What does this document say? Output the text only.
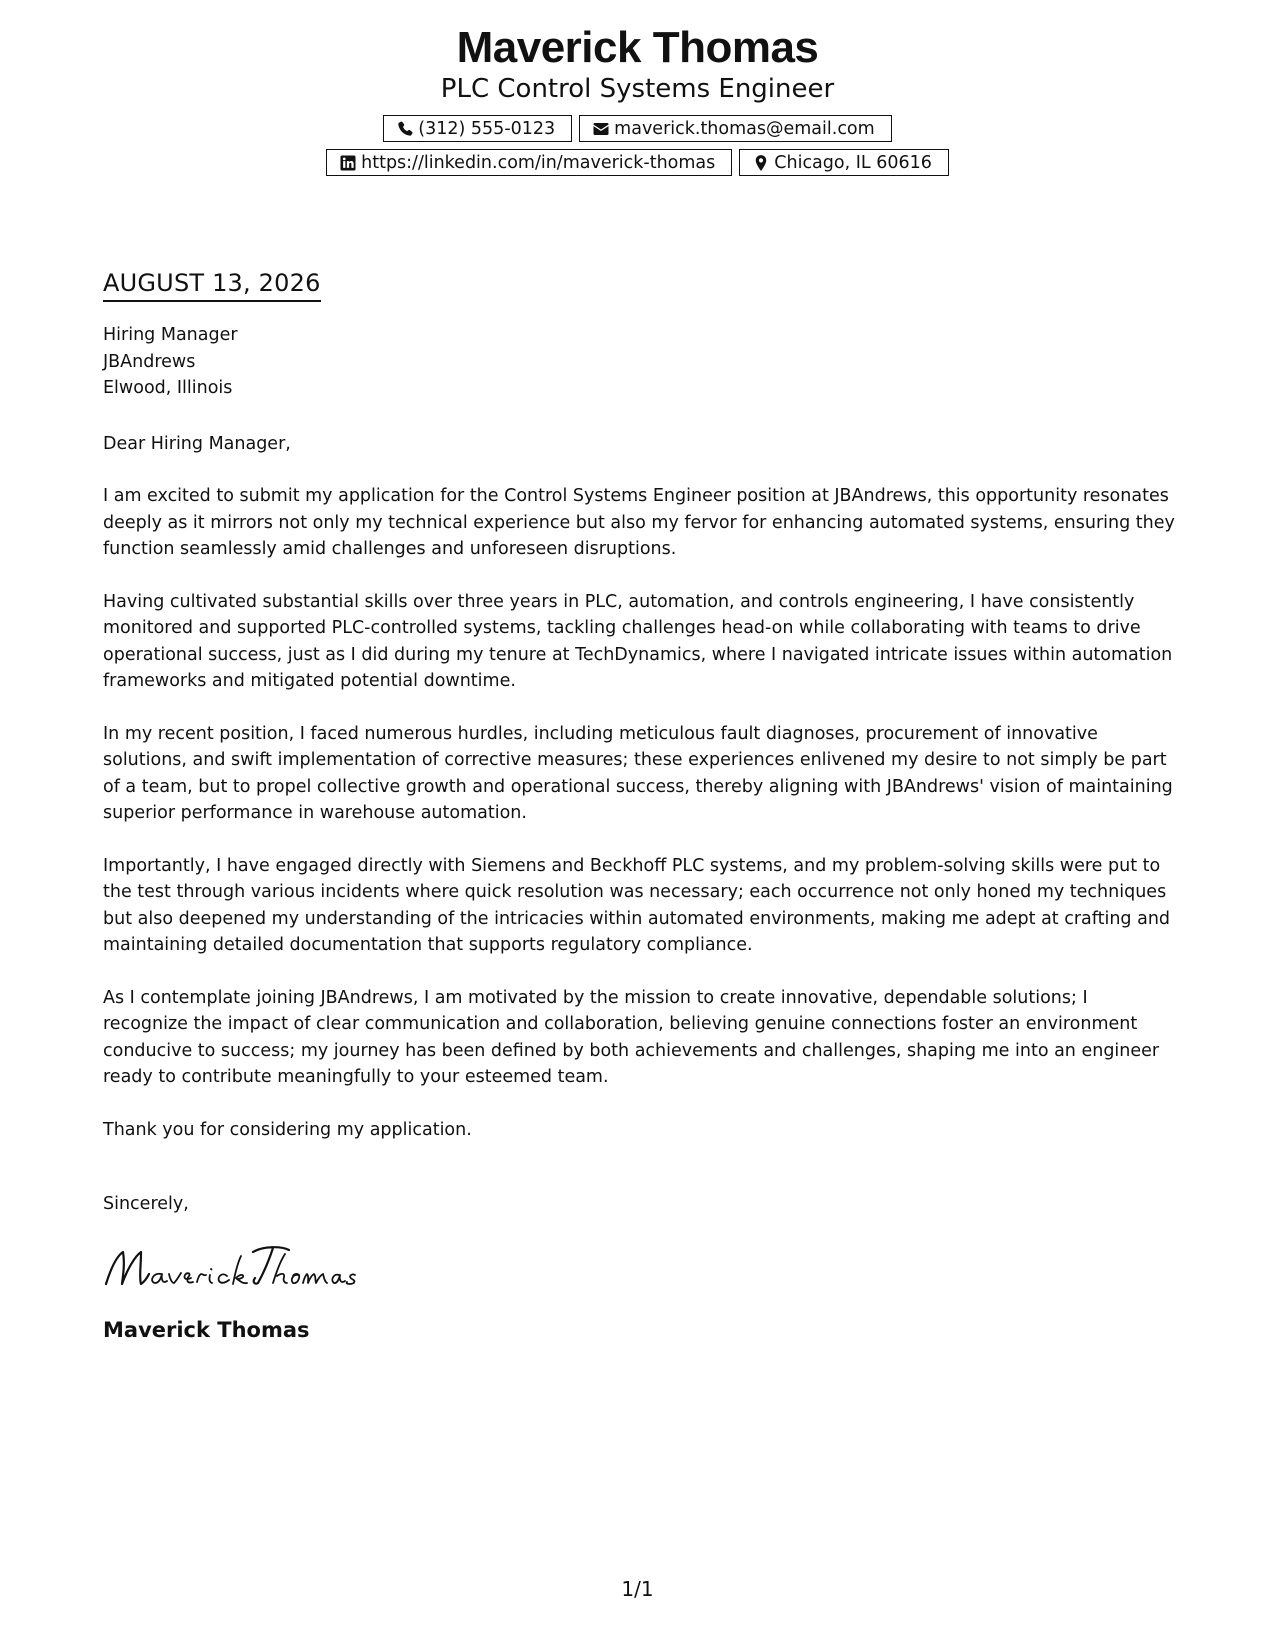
Maverick Thomas
PLC Control Systems Engineer
(312) 555-0123	maverick.thomas@email.com
https://linkedin.com/in/maverick-thomas	Chicago, IL 60616
AUGUST 13, 2026
Hiring Manager
JBAndrews
Elwood, Illinois
Dear Hiring Manager,

I am excited to submit my application for the Control Systems Engineer position at JBAndrews, this opportunity resonates deeply as it mirrors not only my technical experience but also my fervor for enhancing automated systems, ensuring they function seamlessly amid challenges and unforeseen disruptions.

Having cultivated substantial skills over three years in PLC, automation, and controls engineering, I have consistently monitored and supported PLC-controlled systems, tackling challenges head-on while collaborating with teams to drive operational success, just as I did during my tenure at TechDynamics, where I navigated intricate issues within automation frameworks and mitigated potential downtime.

In my recent position, I faced numerous hurdles, including meticulous fault diagnoses, procurement of innovative solutions, and swift implementation of corrective measures; these experiences enlivened my desire to not simply be part of a team, but to propel collective growth and operational success, thereby aligning with JBAndrews' vision of maintaining superior performance in warehouse automation.

Importantly, I have engaged directly with Siemens and Beckhoff PLC systems, and my problem-solving skills were put to the test through various incidents where quick resolution was necessary; each occurrence not only honed my techniques but also deepened my understanding of the intricacies within automated environments, making me adept at crafting and maintaining detailed documentation that supports regulatory compliance.

As I contemplate joining JBAndrews, I am motivated by the mission to create innovative, dependable solutions; I recognize the impact of clear communication and collaboration, believing genuine connections foster an environment conducive to success; my journey has been defined by both achievements and challenges, shaping me into an engineer ready to contribute meaningfully to your esteemed team.

Thank you for considering my application.

Sincerely,
Maverick Thomas
1/1
